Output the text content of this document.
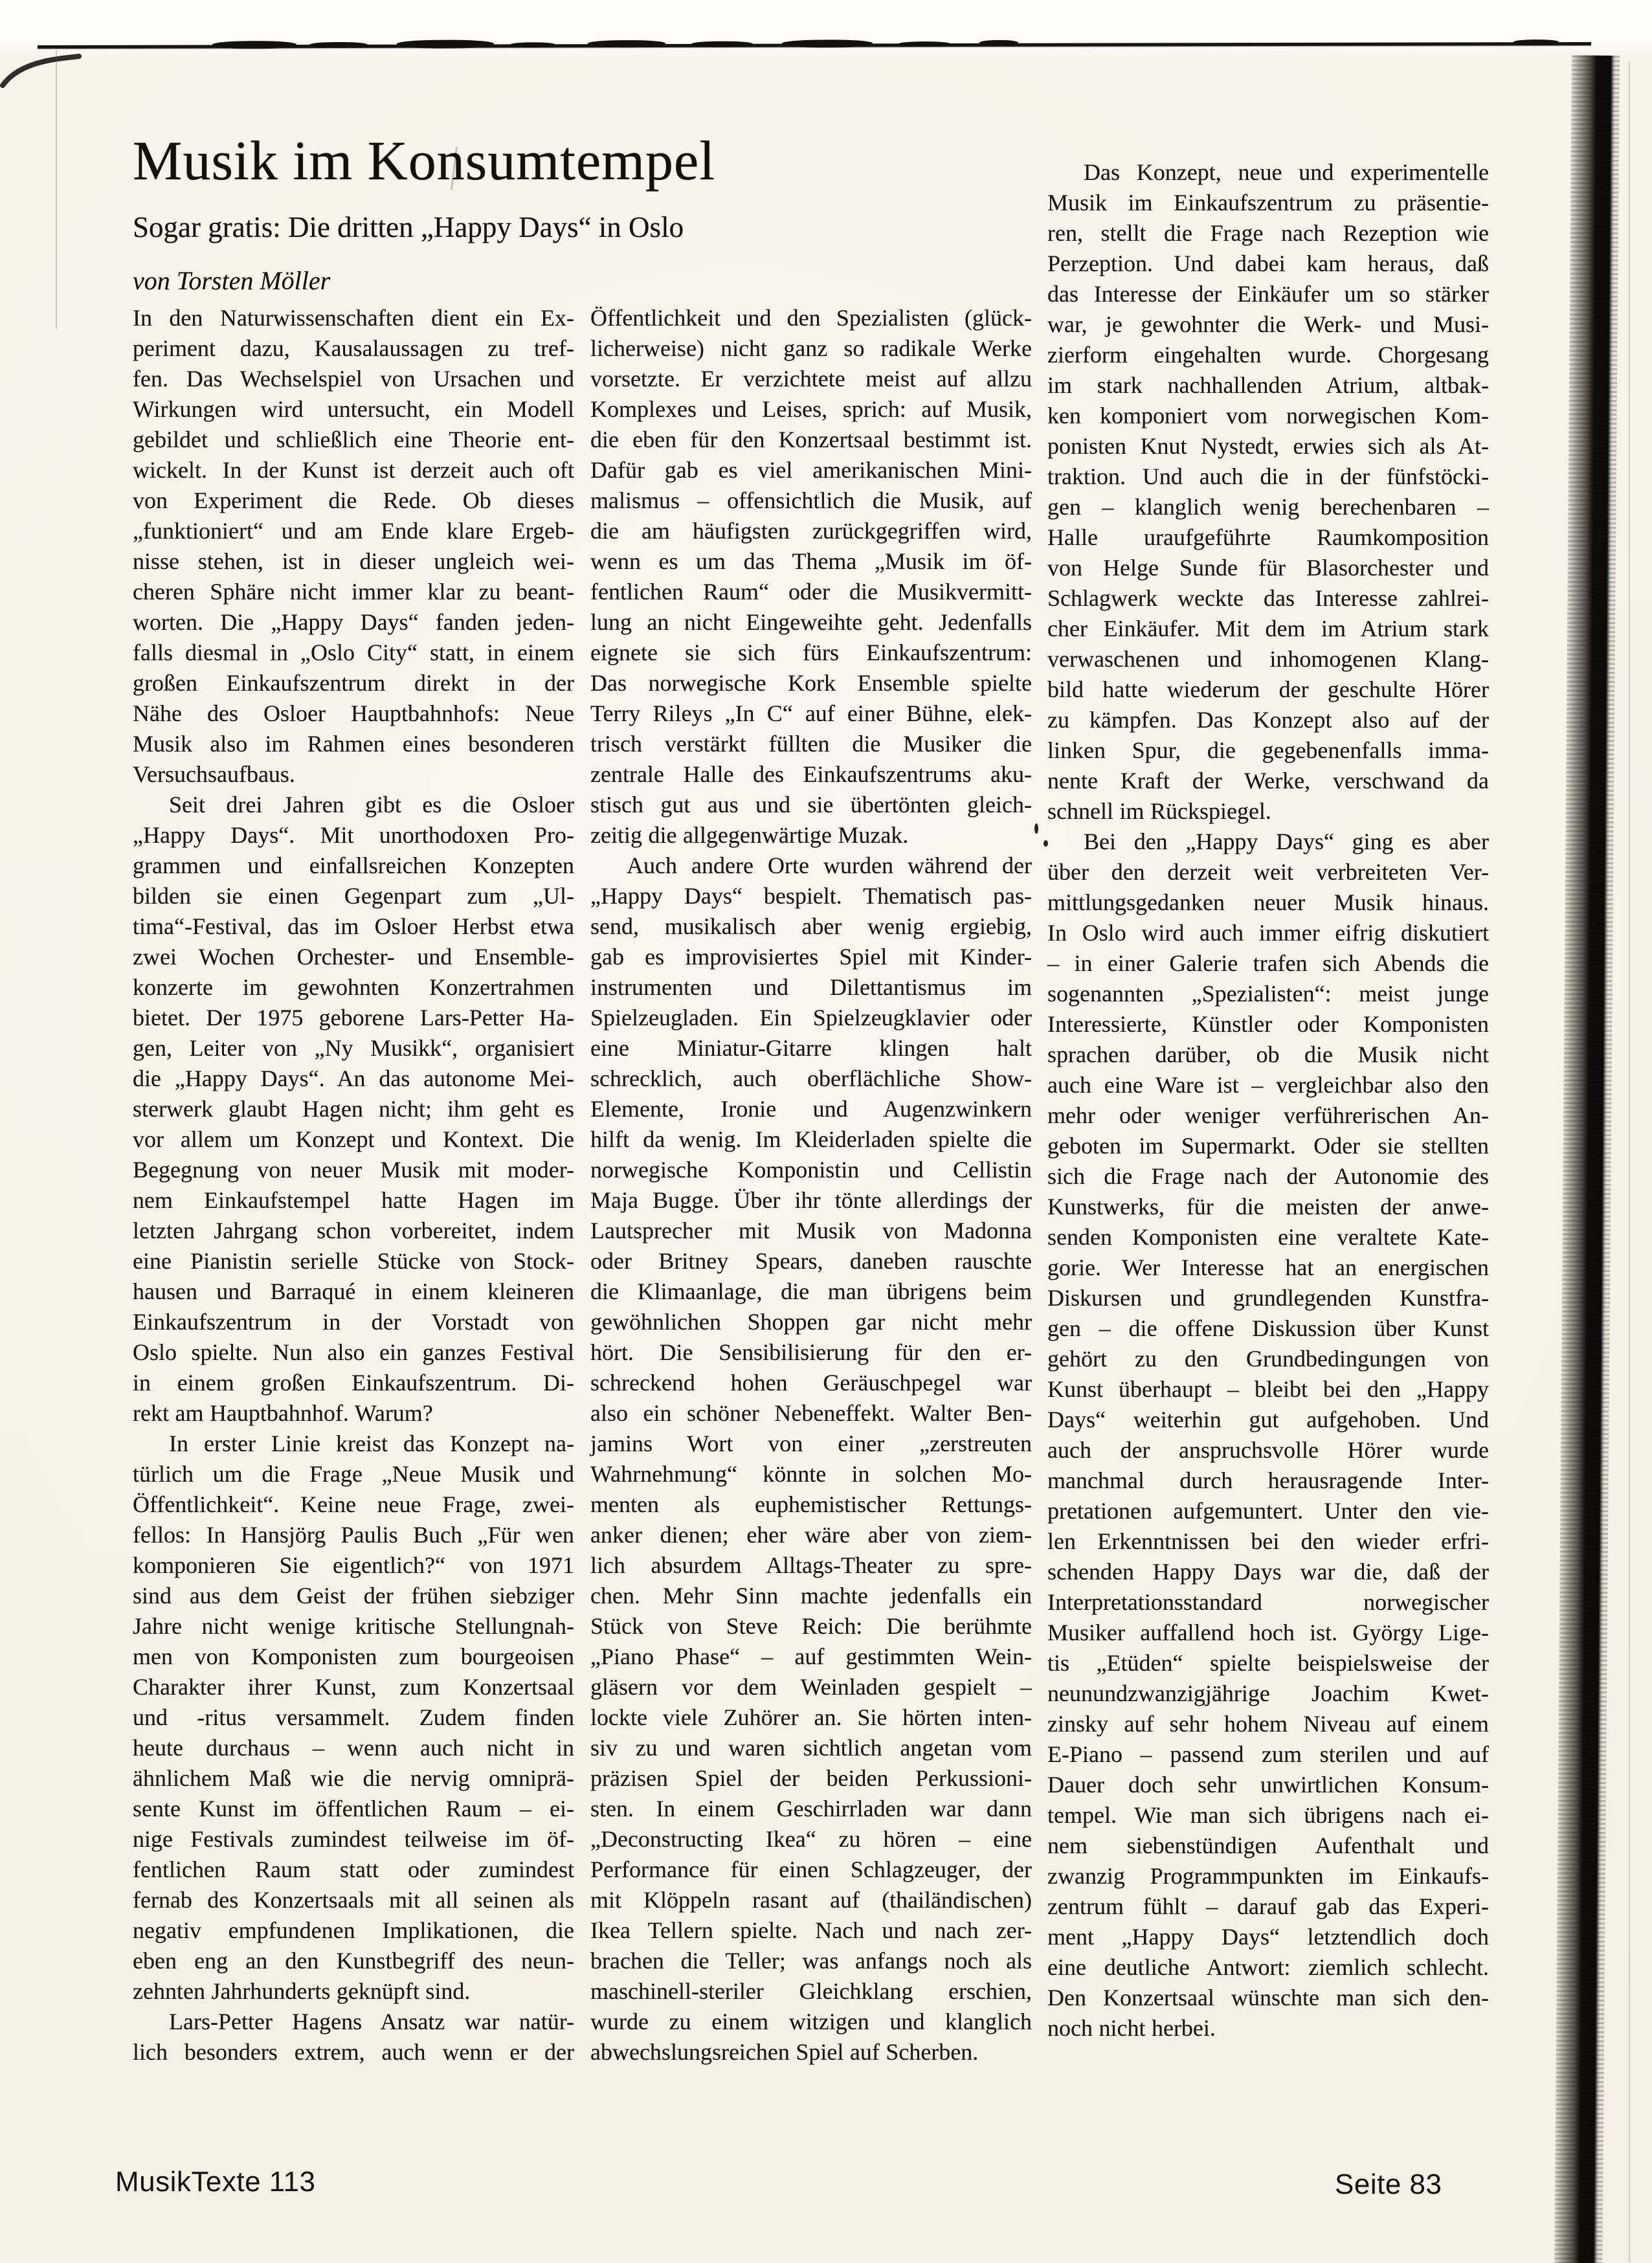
Musik im Konsumtempel
Sogar gratis: Die dritten „Happy Days“ in Oslo
von Torsten Möller
In den Naturwissenschaften dient ein Ex-
periment dazu, Kausalaussagen zu tref-
fen. Das Wechselspiel von Ursachen und
Wirkungen wird untersucht, ein Modell
gebildet und schließlich eine Theorie ent-
wickelt. In der Kunst ist derzeit auch oft
von Experiment die Rede. Ob dieses
„funktioniert“ und am Ende klare Ergeb-
nisse stehen, ist in dieser ungleich wei-
cheren Sphäre nicht immer klar zu beant-
worten. Die „Happy Days“ fanden jeden-
falls diesmal in „Oslo City“ statt, in einem
großen Einkaufszentrum direkt in der
Nähe des Osloer Hauptbahnhofs: Neue
Musik also im Rahmen eines besonderen
Versuchsaufbaus.
Seit drei Jahren gibt es die Osloer
„Happy Days“. Mit unorthodoxen Pro-
grammen und einfallsreichen Konzepten
bilden sie einen Gegenpart zum „Ul-
tima“-Festival, das im Osloer Herbst etwa
zwei Wochen Orchester- und Ensemble-
konzerte im gewohnten Konzertrahmen
bietet. Der 1975 geborene Lars-Petter Ha-
gen, Leiter von „Ny Musikk“, organisiert
die „Happy Days“. An das autonome Mei-
sterwerk glaubt Hagen nicht; ihm geht es
vor allem um Konzept und Kontext. Die
Begegnung von neuer Musik mit moder-
nem Einkaufstempel hatte Hagen im
letzten Jahrgang schon vorbereitet, indem
eine Pianistin serielle Stücke von Stock-
hausen und Barraqué in einem kleineren
Einkaufszentrum in der Vorstadt von
Oslo spielte. Nun also ein ganzes Festival
in einem großen Einkaufszentrum. Di-
rekt am Hauptbahnhof. Warum?
In erster Linie kreist das Konzept na-
türlich um die Frage „Neue Musik und
Öffentlichkeit“. Keine neue Frage, zwei-
fellos: In Hansjörg Paulis Buch „Für wen
komponieren Sie eigentlich?“ von 1971
sind aus dem Geist der frühen siebziger
Jahre nicht wenige kritische Stellungnah-
men von Komponisten zum bourgeoisen
Charakter ihrer Kunst, zum Konzertsaal
und -ritus versammelt. Zudem finden
heute durchaus – wenn auch nicht in
ähnlichem Maß wie die nervig omniprä-
sente Kunst im öffentlichen Raum – ei-
nige Festivals zumindest teilweise im öf-
fentlichen Raum statt oder zumindest
fernab des Konzertsaals mit all seinen als
negativ empfundenen Implikationen, die
eben eng an den Kunstbegriff des neun-
zehnten Jahrhunderts geknüpft sind.
Lars-Petter Hagens Ansatz war natür-
lich besonders extrem, auch wenn er der
Öffentlichkeit und den Spezialisten (glück-
licherweise) nicht ganz so radikale Werke
vorsetzte. Er verzichtete meist auf allzu
Komplexes und Leises, sprich: auf Musik,
die eben für den Konzertsaal bestimmt ist.
Dafür gab es viel amerikanischen Mini-
malismus – offensichtlich die Musik, auf
die am häufigsten zurückgegriffen wird,
wenn es um das Thema „Musik im öf-
fentlichen Raum“ oder die Musikvermitt-
lung an nicht Eingeweihte geht. Jedenfalls
eignete sie sich fürs Einkaufszentrum:
Das norwegische Kork Ensemble spielte
Terry Rileys „In C“ auf einer Bühne, elek-
trisch verstärkt füllten die Musiker die
zentrale Halle des Einkaufszentrums aku-
stisch gut aus und sie übertönten gleich-
zeitig die allgegenwärtige Muzak.
Auch andere Orte wurden während der
„Happy Days“ bespielt. Thematisch pas-
send, musikalisch aber wenig ergiebig,
gab es improvisiertes Spiel mit Kinder-
instrumenten und Dilettantismus im
Spielzeugladen. Ein Spielzeugklavier oder
eine Miniatur-Gitarre klingen halt
schrecklich, auch oberflächliche Show-
Elemente, Ironie und Augenzwinkern
hilft da wenig. Im Kleiderladen spielte die
norwegische Komponistin und Cellistin
Maja Bugge. Über ihr tönte allerdings der
Lautsprecher mit Musik von Madonna
oder Britney Spears, daneben rauschte
die Klimaanlage, die man übrigens beim
gewöhnlichen Shoppen gar nicht mehr
hört. Die Sensibilisierung für den er-
schreckend hohen Geräuschpegel war
also ein schöner Nebeneffekt. Walter Ben-
jamins Wort von einer „zerstreuten
Wahrnehmung“ könnte in solchen Mo-
menten als euphemistischer Rettungs-
anker dienen; eher wäre aber von ziem-
lich absurdem Alltags-Theater zu spre-
chen. Mehr Sinn machte jedenfalls ein
Stück von Steve Reich: Die berühmte
„Piano Phase“ – auf gestimmten Wein-
gläsern vor dem Weinladen gespielt –
lockte viele Zuhörer an. Sie hörten inten-
siv zu und waren sichtlich angetan vom
präzisen Spiel der beiden Perkussioni-
sten. In einem Geschirrladen war dann
„Deconstructing Ikea“ zu hören – eine
Performance für einen Schlagzeuger, der
mit Klöppeln rasant auf (thailändischen)
Ikea Tellern spielte. Nach und nach zer-
brachen die Teller; was anfangs noch als
maschinell-steriler Gleichklang erschien,
wurde zu einem witzigen und klanglich
abwechslungsreichen Spiel auf Scherben.
Das Konzept, neue und experimentelle
Musik im Einkaufszentrum zu präsentie-
ren, stellt die Frage nach Rezeption wie
Perzeption. Und dabei kam heraus, daß
das Interesse der Einkäufer um so stärker
war, je gewohnter die Werk- und Musi-
zierform eingehalten wurde. Chorgesang
im stark nachhallenden Atrium, altbak-
ken komponiert vom norwegischen Kom-
ponisten Knut Nystedt, erwies sich als At-
traktion. Und auch die in der fünfstöcki-
gen – klanglich wenig berechenbaren –
Halle uraufgeführte Raumkomposition
von Helge Sunde für Blasorchester und
Schlagwerk weckte das Interesse zahlrei-
cher Einkäufer. Mit dem im Atrium stark
verwaschenen und inhomogenen Klang-
bild hatte wiederum der geschulte Hörer
zu kämpfen. Das Konzept also auf der
linken Spur, die gegebenenfalls imma-
nente Kraft der Werke, verschwand da
schnell im Rückspiegel.
Bei den „Happy Days“ ging es aber
über den derzeit weit verbreiteten Ver-
mittlungsgedanken neuer Musik hinaus.
In Oslo wird auch immer eifrig diskutiert
– in einer Galerie trafen sich Abends die
sogenannten „Spezialisten“: meist junge
Interessierte, Künstler oder Komponisten
sprachen darüber, ob die Musik nicht
auch eine Ware ist – vergleichbar also den
mehr oder weniger verführerischen An-
geboten im Supermarkt. Oder sie stellten
sich die Frage nach der Autonomie des
Kunstwerks, für die meisten der anwe-
senden Komponisten eine veraltete Kate-
gorie. Wer Interesse hat an energischen
Diskursen und grundlegenden Kunstfra-
gen – die offene Diskussion über Kunst
gehört zu den Grundbedingungen von
Kunst überhaupt – bleibt bei den „Happy
Days“ weiterhin gut aufgehoben. Und
auch der anspruchsvolle Hörer wurde
manchmal durch herausragende Inter-
pretationen aufgemuntert. Unter den vie-
len Erkenntnissen bei den wieder erfri-
schenden Happy Days war die, daß der
Interpretationsstandard norwegischer
Musiker auffallend hoch ist. György Lige-
tis „Etüden“ spielte beispielsweise der
neunundzwanzigjährige Joachim Kwet-
zinsky auf sehr hohem Niveau auf einem
E-Piano – passend zum sterilen und auf
Dauer doch sehr unwirtlichen Konsum-
tempel. Wie man sich übrigens nach ei-
nem siebenstündigen Aufenthalt und
zwanzig Programmpunkten im Einkaufs-
zentrum fühlt – darauf gab das Experi-
ment „Happy Days“ letztendlich doch
eine deutliche Antwort: ziemlich schlecht.
Den Konzertsaal wünschte man sich den-
noch nicht herbei.
MusikTexte 113	Seite 83
